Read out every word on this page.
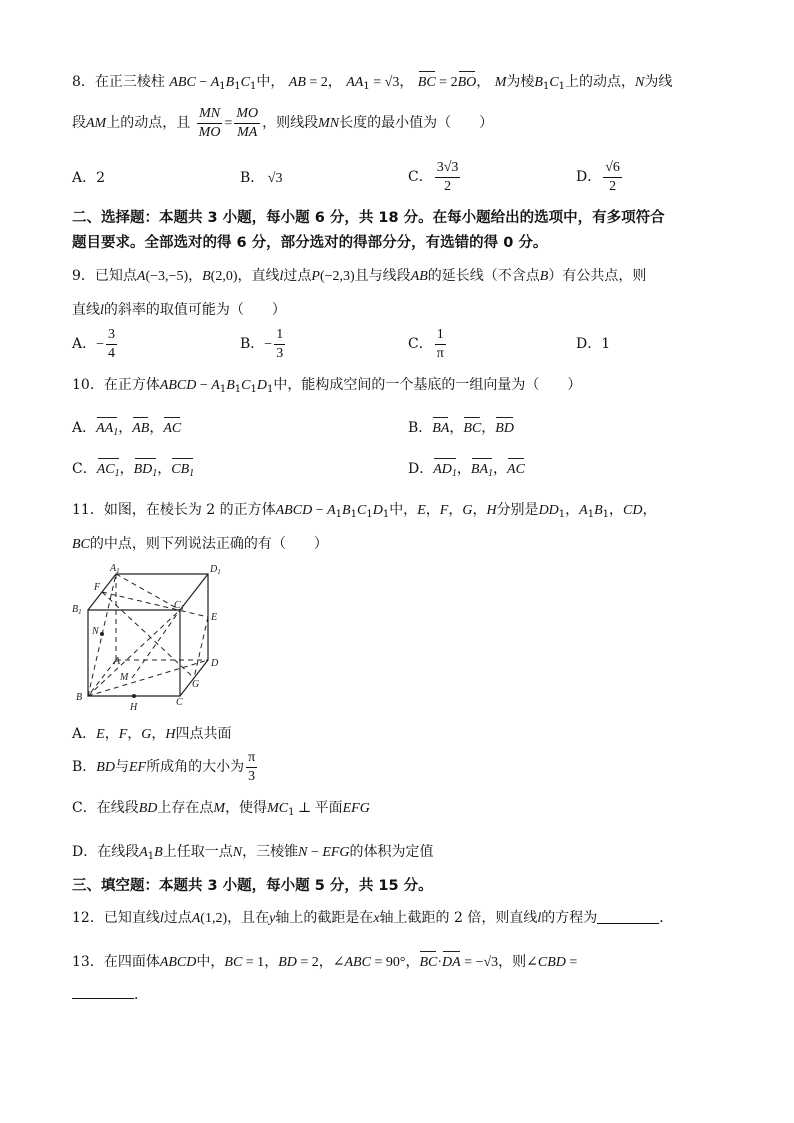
8．在正三棱柱 ABC − $A_1B_1C_1$中， AB = 2， $AA_1 = √3$， BC = 2BO， M为棱$B_1C_1$上的动点，N为线
段AM上的动点，且 $\frac{MN}{MO} = \frac{MO}{MA}$ ，则线段MN长度的最小值为（　　）
A．2	B． √3	C． $\frac{3√3}{2}$	D． $\frac{√6}{2}$
二、选择题：本题共 3 小题，每小题 6 分，共 18 分。在每小题给出的选项中，有多项符合
题目要求。全部选对的得 6 分，部分选对的得部分分，有选错的得 0 分。
9．已知点A(−3,−5)，B(2,0)，直线l过点P(−2,3)且与线段AB的延长线（不含点B）有公共点，则
直线l的斜率的取值可能为（　　）
A．− $\frac{3}{4}$	B．− $\frac{1}{3}$	C． $\frac{1}{\pi}$	D．1
10．在正方体ABCD − $A_1B_1C_1D_1$中，能构成空间的一个基底的一组向量为（　　）
A．$AA_1$，AB，AC	B．BA，BC，BD
C．$AC_1$，$BD_1$，$CB_1$	D．$AD_1$，$BA_1$，AC
11．如图，在棱长为 2 的正方体ABCD − $A_1B_1C_1D_1$中，E，F，G，H分别是$DD_1$，$A_1B_1$，CD，
BC的中点，则下列说法正确的有（　　）
$A_1$	$D_1$
F
$B_1$
$C_1$
E
N
A	D
M
G
B	C
H
A．E，F，G，H四点共面
B．BD与EF所成角的大小为 $\frac{\pi}{3}$
C．在线段BD上存在点M，使得$MC_1$ ⊥ 平面EFG
D．在线段$A_1B$上任取一点N，三棱锥N − EFG的体积为定值
三、填空题：本题共 3 小题，每小题 5 分，共 15 分。
12．已知直线l过点A(1,2)，且在y轴上的截距是在x轴上截距的 2 倍，则直线l的方程为	．
13．在四面体ABCD中，BC = 1，BD = 2，∠ABC = 90°，BC·DA = −√3，则∠CBD =
．
